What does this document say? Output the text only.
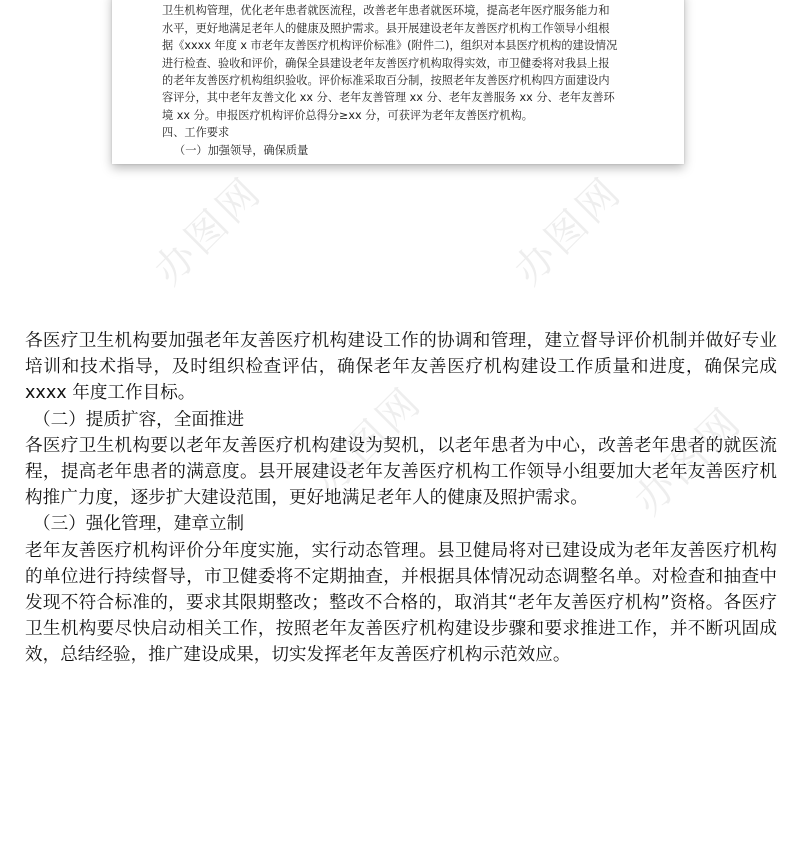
卫生机构管理，优化老年患者就医流程，改善老年患者就医环境，提高老年医疗服务能力和
水平，更好地满足老年人的健康及照护需求。县开展建设老年友善医疗机构工作领导小组根
据《xxxx 年度 x 市老年友善医疗机构评价标准》(附件二)，组织对本县医疗机构的建设情况
进行检查、验收和评价，确保全县建设老年友善医疗机构取得实效，市卫健委将对我县上报
的老年友善医疗机构组织验收。评价标准采取百分制，按照老年友善医疗机构四方面建设内
容评分，其中老年友善文化 xx 分、老年友善管理 xx 分、老年友善服务 xx 分、老年友善环
境 xx 分。申报医疗机构评价总得分≥xx 分，可获评为老年友善医疗机构。
四、工作要求
（一）加强领导，确保质量
办图网	办图网
办图网	办图网
各医疗卫生机构要加强老年友善医疗机构建设工作的协调和管理，建立督导评价机制并做好专业培训和技术指导，及时组织检查评估，确保老年友善医疗机构建设工作质量和进度，确保完成 xxxx 年度工作目标。
（二）提质扩容，全面推进
各医疗卫生机构要以老年友善医疗机构建设为契机，以老年患者为中心，改善老年患者的就医流程，提高老年患者的满意度。县开展建设老年友善医疗机构工作领导小组要加大老年友善医疗机构推广力度，逐步扩大建设范围，更好地满足老年人的健康及照护需求。
（三）强化管理，建章立制
老年友善医疗机构评价分年度实施，实行动态管理。县卫健局将对已建设成为老年友善医疗机构的单位进行持续督导，市卫健委将不定期抽查，并根据具体情况动态调整名单。对检查和抽查中发现不符合标准的，要求其限期整改；整改不合格的，取消其“老年友善医疗机构”资格。各医疗卫生机构要尽快启动相关工作，按照老年友善医疗机构建设步骤和要求推进工作，并不断巩固成效，总结经验，推广建设成果，切实发挥老年友善医疗机构示范效应。
